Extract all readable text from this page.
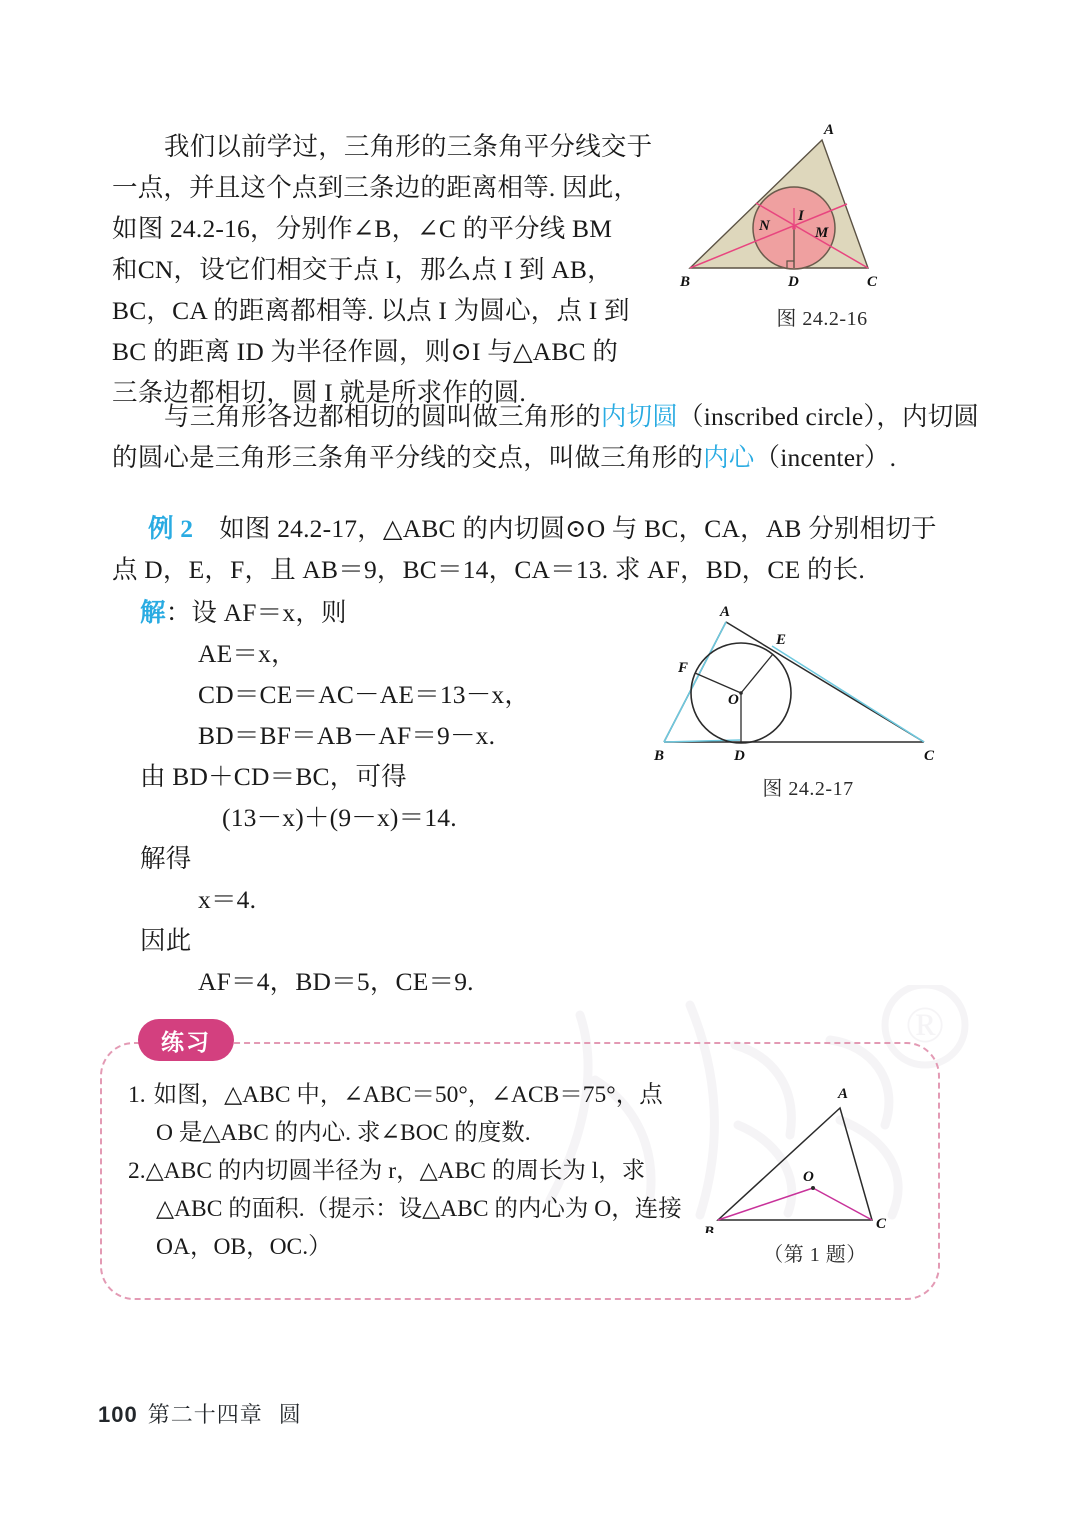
®
我们以前学过，三角形的三条角平分线交于
一点，并且这个点到三条边的距离相等. 因此，
如图 24.2-16，分别作∠B，∠C 的平分线 BM
和CN，设它们相交于点 I，那么点 I 到 AB，
BC，CA 的距离都相等. 以点 I 为圆心，点 I 到
BC 的距离 ID 为半径作圆，则⊙I 与△ABC 的
三条边都相切，圆 I 就是所求作的圆.
A
B	C
D
I
M
N
图 24.2-16
与三角形各边都相切的圆叫做三角形的内切圆（inscribed circle），内切圆
的圆心是三角形三条角平分线的交点，叫做三角形的内心（incenter）.
例 2 如图 24.2-17，△ABC 的内切圆⊙O 与 BC，CA，AB 分别相切于
点 D，E，F，且 AB＝9，BC＝14，CA＝13. 求 AF，BD，CE 的长.
解：设 AF＝x，则
AE＝x，
CD＝CE＝AC－AE＝13－x，
BD＝BF＝AB－AF＝9－x.
由 BD＋CD＝BC，可得
(13－x)＋(9－x)＝14.
解得
x＝4.
因此
AF＝4，BD＝5，CE＝9.
A
B	C
D
E
F
O
图 24.2-17
练习
1. 如图，△ABC 中，∠ABC＝50°，∠ACB＝75°，点
O 是△ABC 的内心. 求∠BOC 的度数.
2.△ABC 的内切圆半径为 r，△ABC 的周长为 l，求
△ABC 的面积.（提示：设△ABC 的内心为 O，连接
OA，OB，OC.）
A
B	C
O
（第 1 题）
100 第二十四章 圆
